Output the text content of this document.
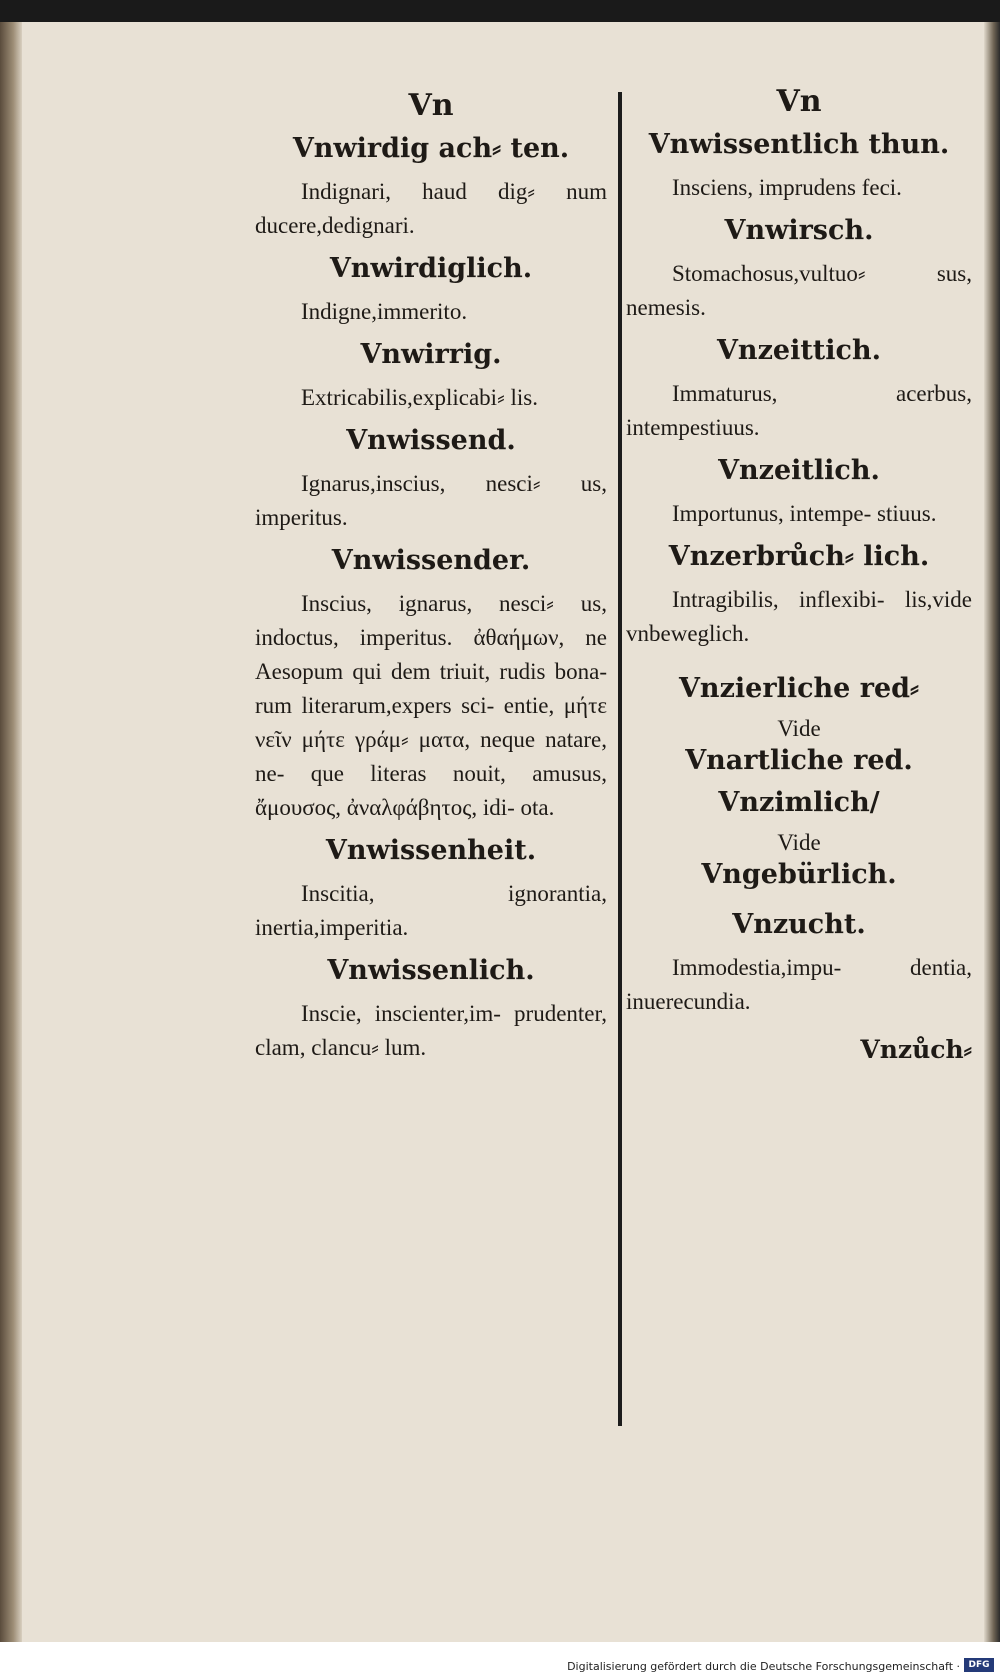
Vn
Vnwirdig ach⸗ ten.

Indignari, haud dig⸗ num ducere,dedignari.

Vnwirdiglich.

Indigne,immerito.

Vnwirrig.

Extricabilis,explicabi⸗ lis.

Vnwissend.

Ignarus,inscius, nesci⸗ us, imperitus.

Vnwissender.

Inscius, ignarus, nesci⸗ us, indoctus, imperitus. ἀθαήμων, ne Aesopum qui dem triuit, rudis bona- rum literarum,expers sci- entie, μήτε νεῖν μήτε γράμ⸗ ματα, neque natare, ne- que literas nouit, amusus, ἄμουσος, ἀναλφάβητος, idi- ota.

Vnwissenheit.

Inscitia, ignorantia, inertia,imperitia.

Vnwissenlich.

Inscie, inscienter,im- prudenter, clam, clancu⸗ lum.

Vn
Vnwissentlich thun.

Insciens, imprudens feci.

Vnwirsch.

Stomachosus,vultuo⸗ sus, nemesis.

Vnzeittich.

Immaturus, acerbus, intempestiuus.

Vnzeitlich.

Importunus, intempe- stiuus.

Vnzerbrůch⸗ lich.

Intragibilis, inflexibi- lis,vide vnbeweglich.

Vnzierliche red⸗

Vide

Vnartliche red.
Vnzimlich/

Vide

Vngebürlich.
Vnzucht.

Immodestia,impu- dentia, inuerecundia.

Vnzůch⸗
Digitalisierung gefördert durch die Deutsche Forschungsgemeinschaft · DFG
